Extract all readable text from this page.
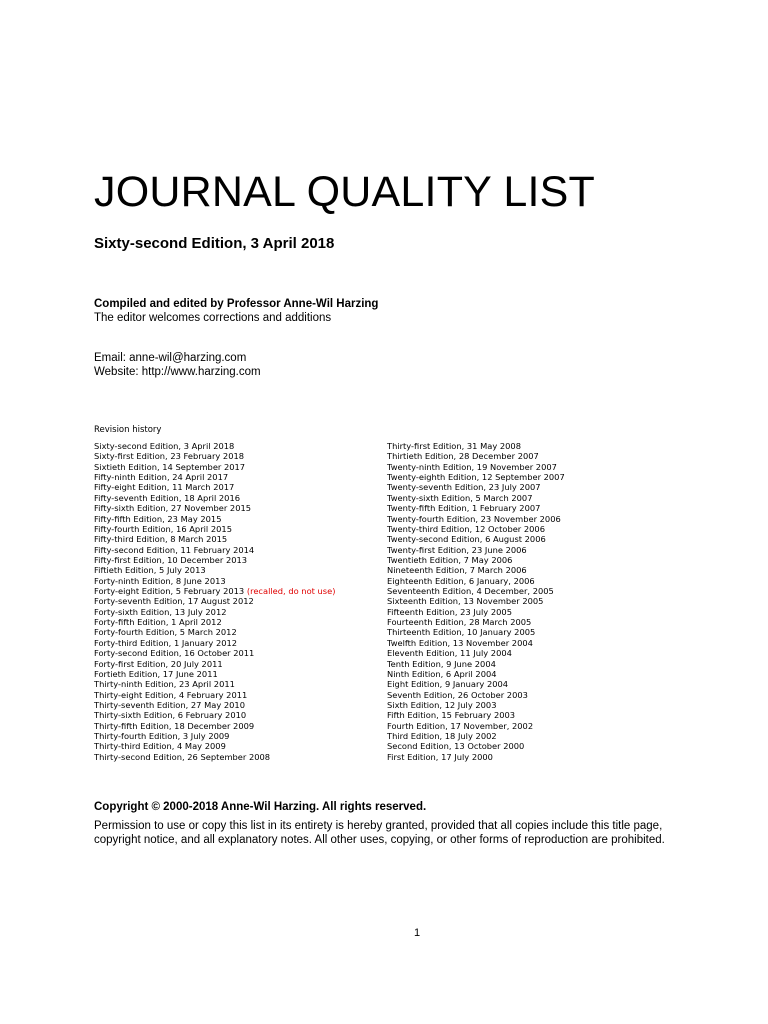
JOURNAL QUALITY LIST
Sixty-second Edition, 3 April 2018
Compiled and edited by Professor Anne-Wil Harzing
The editor welcomes corrections and additions
Email: anne-wil@harzing.com
Website: http://www.harzing.com
Revision history
Sixty-second Edition, 3 April 2018
Sixty-first Edition, 23 February 2018
Sixtieth Edition, 14 September 2017
Fifty-ninth Edition, 24 April 2017
Fifty-eight Edition, 11 March 2017
Fifty-seventh Edition, 18 April 2016
Fifty-sixth Edition, 27 November 2015
Fifty-fifth Edition, 23 May 2015
Fifty-fourth Edition, 16 April 2015
Fifty-third Edition, 8 March 2015
Fifty-second Edition, 11 February 2014
Fifty-first Edition, 10 December 2013
Fiftieth Edition, 5 July 2013
Forty-ninth Edition, 8 June 2013
Forty-eight Edition, 5 February 2013 (recalled, do not use)
Forty-seventh Edition, 17 August 2012
Forty-sixth Edition, 13 July 2012
Forty-fifth Edition, 1 April 2012
Forty-fourth Edition, 5 March 2012
Forty-third Edition, 1 January 2012
Forty-second Edition, 16 October 2011
Forty-first Edition, 20 July 2011
Fortieth Edition, 17 June 2011
Thirty-ninth Edition, 23 April 2011
Thirty-eight Edition, 4 February 2011
Thirty-seventh Edition, 27 May 2010
Thirty-sixth Edition, 6 February 2010
Thirty-fifth Edition, 18 December 2009
Thirty-fourth Edition, 3 July 2009
Thirty-third Edition, 4 May 2009
Thirty-second Edition, 26 September 2008
Thirty-first Edition, 31 May 2008
Thirtieth Edition, 28 December 2007
Twenty-ninth Edition, 19 November 2007
Twenty-eighth Edition, 12 September 2007
Twenty-seventh Edition, 23 July 2007
Twenty-sixth Edition, 5 March 2007
Twenty-fifth Edition, 1 February 2007
Twenty-fourth Edition, 23 November 2006
Twenty-third Edition, 12 October 2006
Twenty-second Edition, 6 August 2006
Twenty-first Edition, 23 June 2006
Twentieth Edition, 7 May 2006
Nineteenth Edition, 7 March 2006
Eighteenth Edition, 6 January, 2006
Seventeenth Edition, 4 December, 2005
Sixteenth Edition, 13 November 2005
Fifteenth Edition, 23 July 2005
Fourteenth Edition, 28 March 2005
Thirteenth Edition, 10 January 2005
Twelfth Edition, 13 November 2004
Eleventh Edition, 11 July 2004
Tenth Edition, 9 June 2004
Ninth Edition, 6 April 2004
Eight Edition, 9 January 2004
Seventh Edition, 26 October 2003
Sixth Edition, 12 July 2003
Fifth Edition, 15 February 2003
Fourth Edition, 17 November, 2002
Third Edition, 18 July 2002
Second Edition, 13 October 2000
First Edition, 17 July 2000
Copyright © 2000-2018 Anne-Wil Harzing. All rights reserved.
Permission to use or copy this list in its entirety is hereby granted, provided that all copies include this title page, copyright notice, and all explanatory notes. All other uses, copying, or other forms of reproduction are prohibited.
1
